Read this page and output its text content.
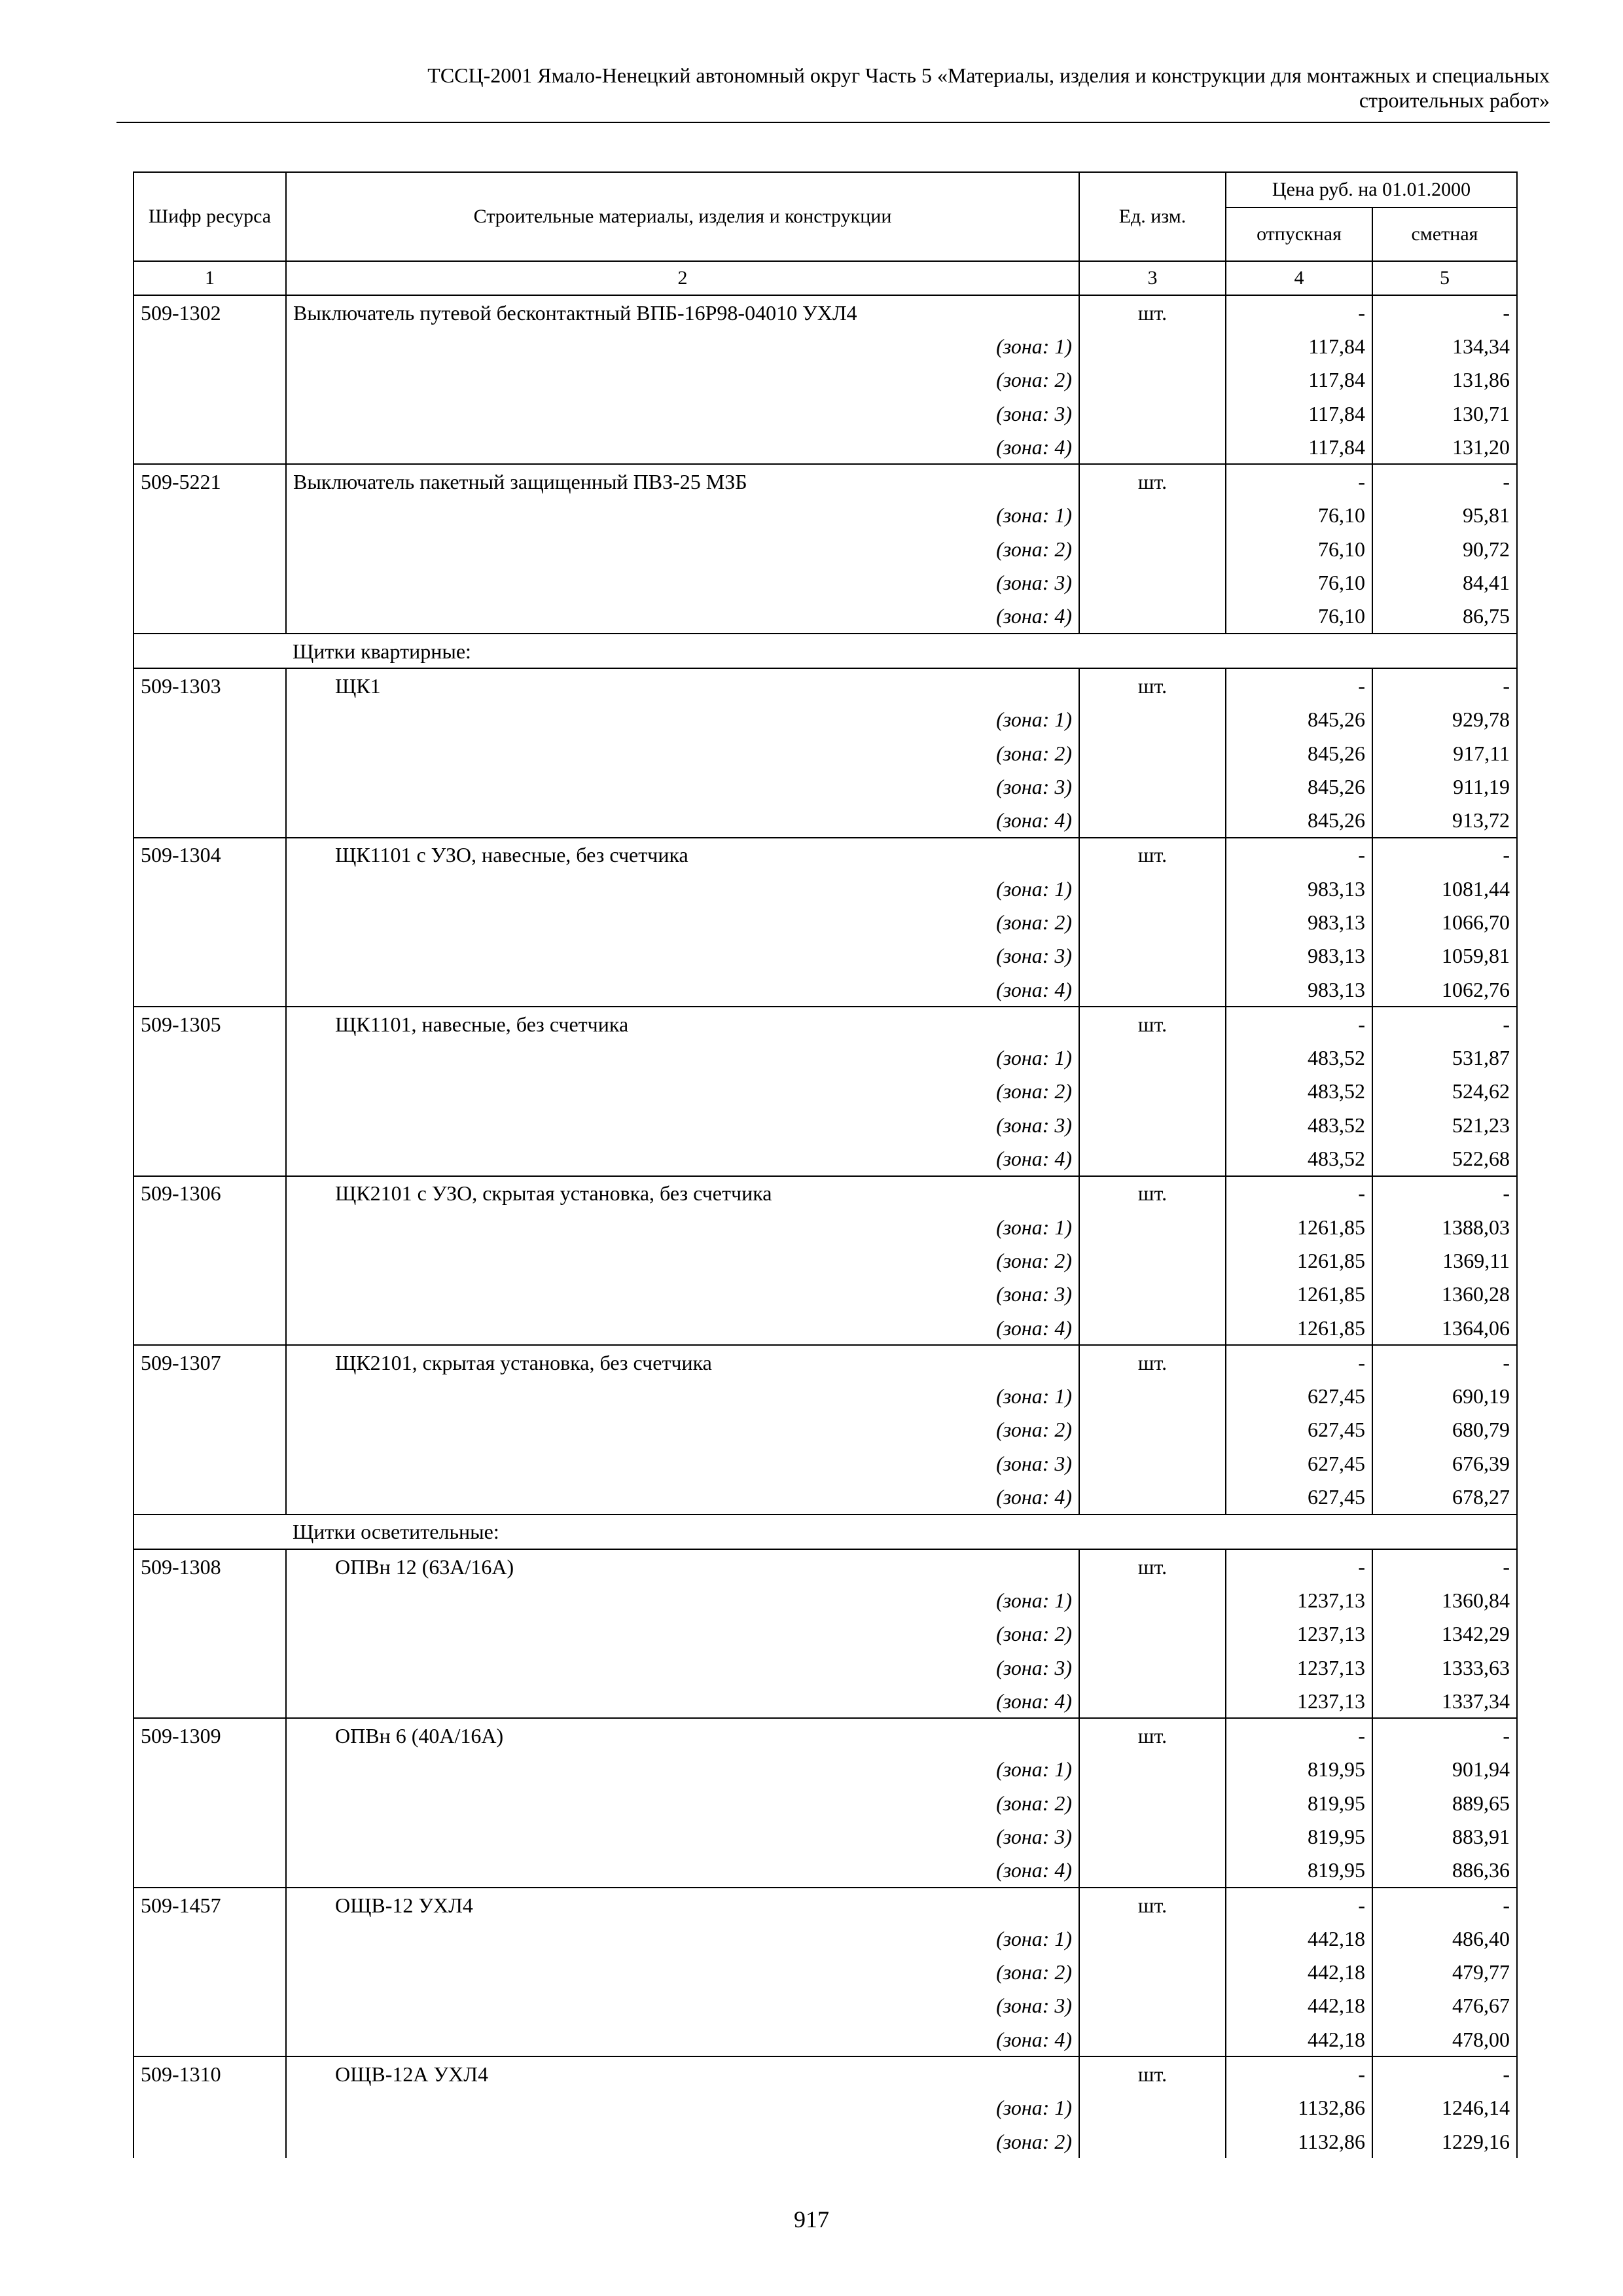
ТССЦ-2001 Ямало-Ненецкий автономный округ Часть 5 «Материалы, изделия и конструкции для монтажных и специальных
строительных работ»
Шифр ресурса	Строительные материалы, изделия и конструкции	Ед. изм.	Цена руб. на 01.01.2000	
			отпускная	сметная
1	2	3	4	5
509-1302	Выключатель путевой бесконтактный ВПБ-16Р98-04010 УХЛ4	шт.	-	-
	(зона: 1)		117,84	134,34
	(зона: 2)		117,84	131,86
	(зона: 3)		117,84	130,71
	(зона: 4)		117,84	131,20
509-5221	Выключатель пакетный защищенный ПВЗ-25 МЗБ	шт.	-	-
	(зона: 1)		76,10	95,81
	(зона: 2)		76,10	90,72
	(зона: 3)		76,10	84,41
	(зона: 4)		76,10	86,75
	Щитки квартирные:			
509-1303	ЩК1	шт.	-	-
	(зона: 1)		845,26	929,78
	(зона: 2)		845,26	917,11
	(зона: 3)		845,26	911,19
	(зона: 4)		845,26	913,72
509-1304	ЩК1101 с УЗО, навесные, без счетчика	шт.	-	-
	(зона: 1)		983,13	1081,44
	(зона: 2)		983,13	1066,70
	(зона: 3)		983,13	1059,81
	(зона: 4)		983,13	1062,76
509-1305	ЩК1101, навесные, без счетчика	шт.	-	-
	(зона: 1)		483,52	531,87
	(зона: 2)		483,52	524,62
	(зона: 3)		483,52	521,23
	(зона: 4)		483,52	522,68
509-1306	ЩК2101 с УЗО, скрытая установка, без счетчика	шт.	-	-
	(зона: 1)		1261,85	1388,03
	(зона: 2)		1261,85	1369,11
	(зона: 3)		1261,85	1360,28
	(зона: 4)		1261,85	1364,06
509-1307	ЩК2101, скрытая установка, без счетчика	шт.	-	-
	(зона: 1)		627,45	690,19
	(зона: 2)		627,45	680,79
	(зона: 3)		627,45	676,39
	(зона: 4)		627,45	678,27
	Щитки осветительные:			
509-1308	ОПВн 12 (63А/16А)	шт.	-	-
	(зона: 1)		1237,13	1360,84
	(зона: 2)		1237,13	1342,29
	(зона: 3)		1237,13	1333,63
	(зона: 4)		1237,13	1337,34
509-1309	ОПВн 6 (40А/16А)	шт.	-	-
	(зона: 1)		819,95	901,94
	(зона: 2)		819,95	889,65
	(зона: 3)		819,95	883,91
	(зона: 4)		819,95	886,36
509-1457	ОЩВ-12 УХЛ4	шт.	-	-
	(зона: 1)		442,18	486,40
	(зона: 2)		442,18	479,77
	(зона: 3)		442,18	476,67
	(зона: 4)		442,18	478,00
509-1310	ОЩВ-12А УХЛ4	шт.	-	-
	(зона: 1)		1132,86	1246,14
	(зона: 2)		1132,86	1229,16
917
